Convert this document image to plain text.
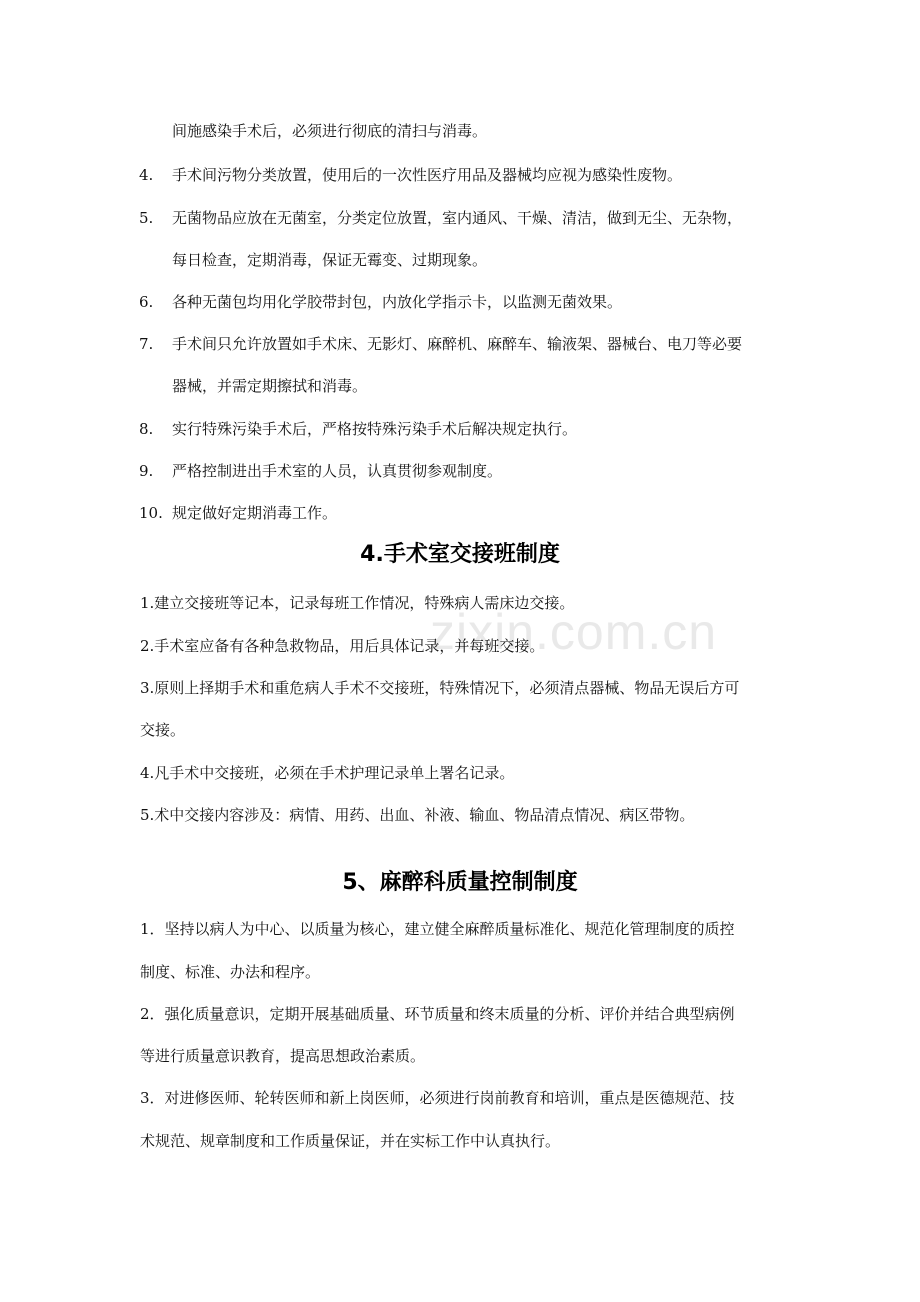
zixin.com.cn
间施感染手术后，必须进行彻底的清扫与消毒。
4.	手术间污物分类放置，使用后的一次性医疗用品及器械均应视为感染性废物。
5.	无菌物品应放在无菌室，分类定位放置，室内通风、干燥、清洁，做到无尘、无杂物，
每日检查，定期消毒，保证无霉变、过期现象。
6.	各种无菌包均用化学胶带封包，内放化学指示卡，以监测无菌效果。
7.	手术间只允许放置如手术床、无影灯、麻醉机、麻醉车、输液架、器械台、电刀等必要
器械，并需定期擦拭和消毒。
8.	实行特殊污染手术后，严格按特殊污染手术后解决规定执行。
9.	严格控制进出手术室的人员，认真贯彻参观制度。
10. 规定做好定期消毒工作。
4.手术室交接班制度
1.建立交接班等记本，记录每班工作情况，特殊病人需床边交接。
2.手术室应备有各种急救物品，用后具体记录，并每班交接。
3.原则上择期手术和重危病人手术不交接班，特殊情况下，必须清点器械、物品无误后方可
交接。
4.凡手术中交接班，必须在手术护理记录单上署名记录。
5.术中交接内容涉及：病情、用药、出血、补液、输血、物品清点情况、病区带物。
5、麻醉科质量控制制度
1．坚持以病人为中心、以质量为核心，建立健全麻醉质量标准化、规范化管理制度的质控
制度、标准、办法和程序。
2．强化质量意识，定期开展基础质量、环节质量和终末质量的分析、评价并结合典型病例
等进行质量意识教育，提高思想政治素质。
3．对进修医师、轮转医师和新上岗医师，必须进行岗前教育和培训，重点是医德规范、技
术规范、规章制度和工作质量保证，并在实标工作中认真执行。
